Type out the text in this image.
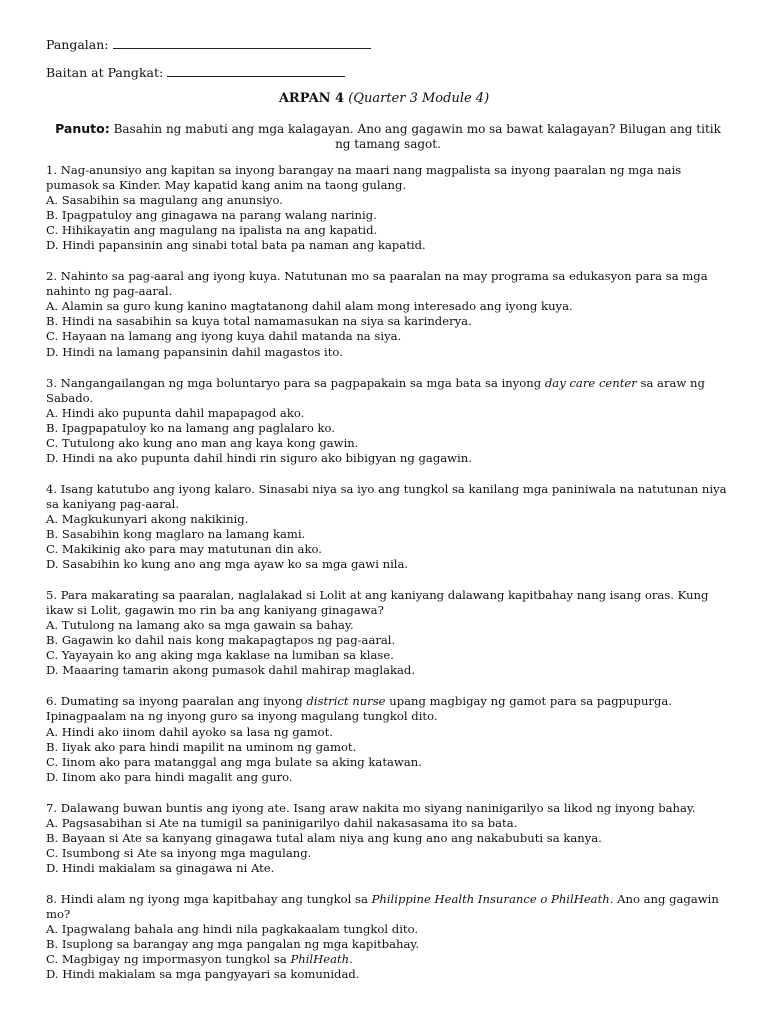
Pangalan:
Baitan at Pangkat:
ARPAN 4 (Quarter 3 Module 4)
Panuto: Basahin ng mabuti ang mga kalagayan. Ano ang gagawin mo sa bawat kalagayan? Bilugan ang titik ng tamang sagot.

1. Nag-anunsiyo ang kapitan sa inyong barangay na maari nang magpalista sa inyong paaralan ng mga nais pumasok sa Kinder. May kapatid kang anim na taong gulang.

A. Sasabihin sa magulang ang anunsiyo.

B. Ipagpatuloy ang ginagawa na parang walang narinig.

C. Hihikayatin ang magulang na ipalista na ang kapatid.

D. Hindi papansinin ang sinabi total bata pa naman ang kapatid.

2. Nahinto sa pag-aaral ang iyong kuya. Natutunan mo sa paaralan na may programa sa edukasyon para sa mga nahinto ng pag-aaral.

A. Alamin sa guro kung kanino magtatanong dahil alam mong interesado ang iyong kuya.

B. Hindi na sasabihin sa kuya total namamasukan na siya sa karinderya.

C. Hayaan na lamang ang iyong kuya dahil matanda na siya.

D. Hindi na lamang papansinin dahil magastos ito.

3. Nangangailangan ng mga boluntaryo para sa pagpapakain sa mga bata sa inyong day care center sa araw ng Sabado.

A. Hindi ako pupunta dahil mapapagod ako.

B. Ipagpapatuloy ko na lamang ang paglalaro ko.

C. Tutulong ako kung ano man ang kaya kong gawin.

D. Hindi na ako pupunta dahil hindi rin siguro ako bibigyan ng gagawin.

4. Isang katutubo ang iyong kalaro. Sinasabi niya sa iyo ang tungkol sa kanilang mga paniniwala na natutunan niya sa kaniyang pag-aaral.

A. Magkukunyari akong nakikinig.

B. Sasabihin kong maglaro na lamang kami.

C. Makikinig ako para may matutunan din ako.

D. Sasabihin ko kung ano ang mga ayaw ko sa mga gawi nila.

5. Para makarating sa paaralan, naglalakad si Lolit at ang kaniyang dalawang kapitbahay nang isang oras. Kung ikaw si Lolit, gagawin mo rin ba ang kaniyang ginagawa?

A. Tutulong na lamang ako sa mga gawain sa bahay.

B. Gagawin ko dahil nais kong makapagtapos ng pag-aaral.

C. Yayayain ko ang aking mga kaklase na lumiban sa klase.

D. Maaaring tamarin akong pumasok dahil mahirap maglakad.

6. Dumating sa inyong paaralan ang inyong district nurse upang magbigay ng gamot para sa pagpupurga. Ipinagpaalam na ng inyong guro sa inyong magulang tungkol dito.

A. Hindi ako iinom dahil ayoko sa lasa ng gamot.

B. Iiyak ako para hindi mapilit na uminom ng gamot.

C. Iinom ako para matanggal ang mga bulate sa aking katawan.

D. Iinom ako para hindi magalit ang guro.

7. Dalawang buwan buntis ang iyong ate. Isang araw nakita mo siyang naninigarilyo sa likod ng inyong bahay.

A. Pagsasabihan si Ate na tumigil sa paninigarilyo dahil nakasasama ito sa bata.

B. Bayaan si Ate sa kanyang ginagawa tutal alam niya ang kung ano ang nakabubuti sa kanya.

C. Isumbong si Ate sa inyong mga magulang.

D. Hindi makialam sa ginagawa ni Ate.

8. Hindi alam ng iyong mga kapitbahay ang tungkol sa Philippine Health Insurance o PhilHeath. Ano ang gagawin mo?

A. Ipagwalang bahala ang hindi nila pagkakaalam tungkol dito.

B. Isuplong sa barangay ang mga pangalan ng mga kapitbahay.

C. Magbigay ng impormasyon tungkol sa PhilHeath.

D. Hindi makialam sa mga pangyayari sa komunidad.
